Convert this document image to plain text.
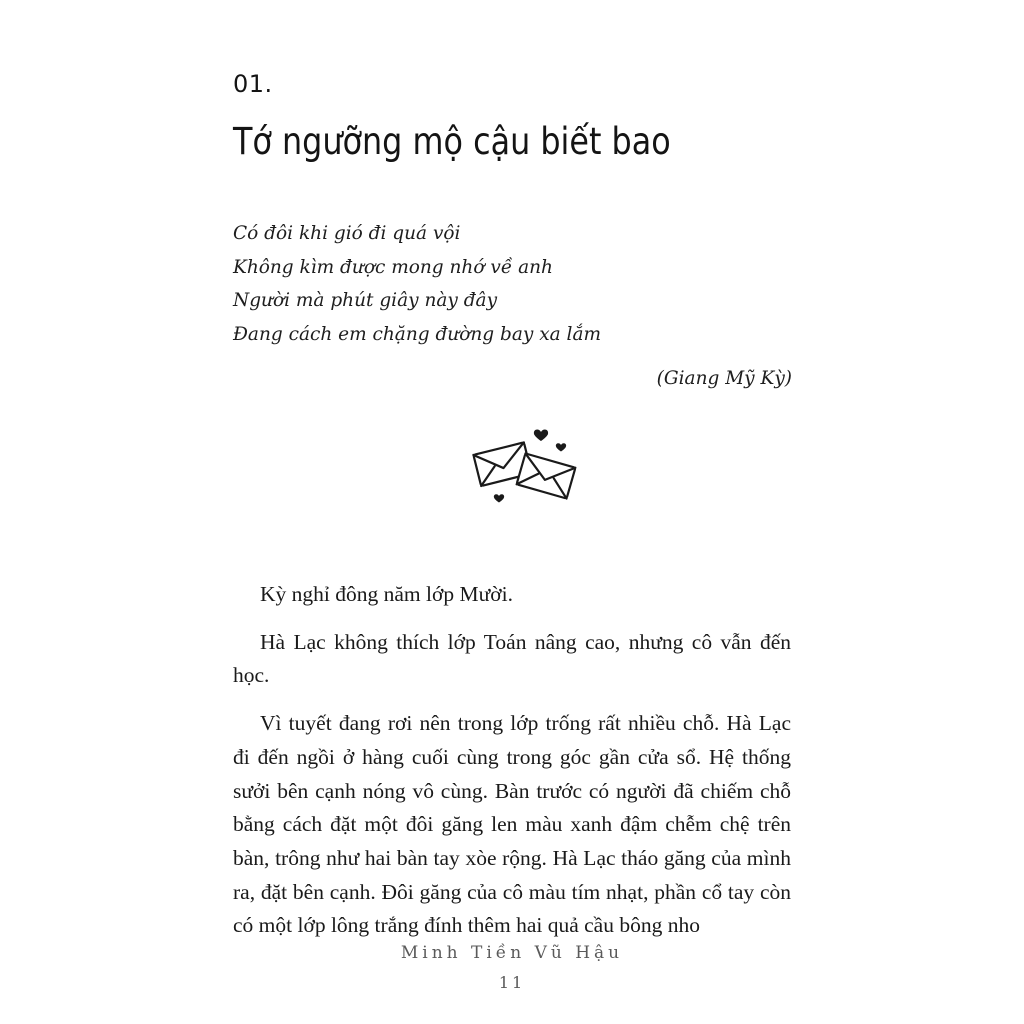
01.
Tớ ngưỡng mộ cậu biết bao
Có đôi khi gió đi quá vội
Không kìm được mong nhớ về anh
Người mà phút giây này đây
Đang cách em chặng đường bay xa lắm
(Giang Mỹ Kỳ)

Kỳ nghỉ đông năm lớp Mười.

Hà Lạc không thích lớp Toán nâng cao, nhưng cô vẫn đến học.

Vì tuyết đang rơi nên trong lớp trống rất nhiều chỗ. Hà Lạc đi đến ngồi ở hàng cuối cùng trong góc gần cửa sổ. Hệ thống sưởi bên cạnh nóng vô cùng. Bàn trước có người đã chiếm chỗ bằng cách đặt một đôi găng len màu xanh đậm chễm chệ trên bàn, trông như hai bàn tay xòe rộng. Hà Lạc tháo găng của mình ra, đặt bên cạnh. Đôi găng của cô màu tím nhạt, phần cổ tay còn có một lớp lông trắng đính thêm hai quả cầu bông nho

Minh Tiền Vũ Hậu
11
